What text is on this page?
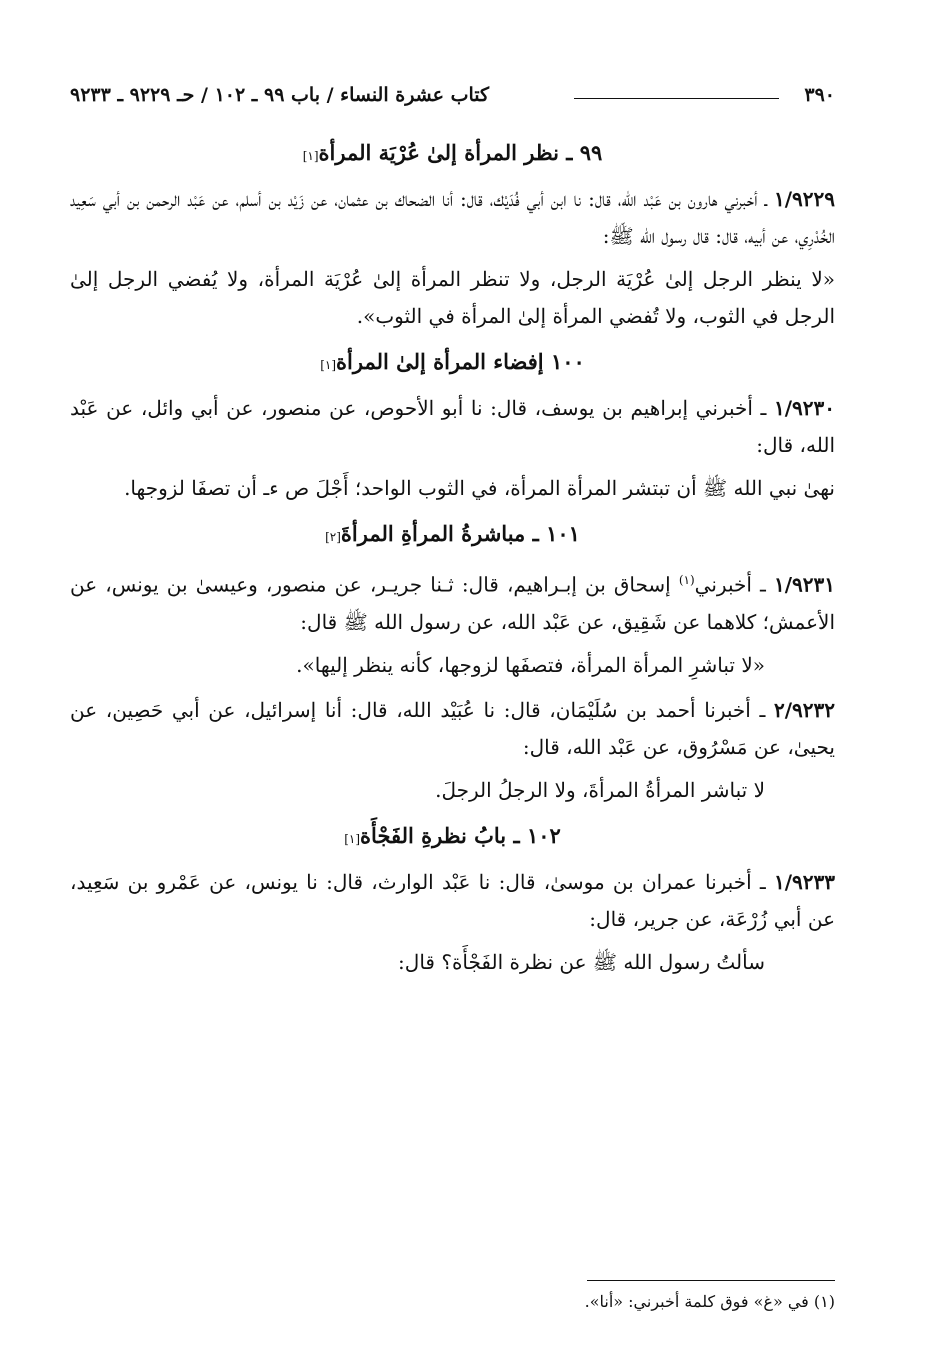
٣٩٠
كتاب عشرة النساء / باب ٩٩ ـ ١٠٢ / حـ ٩٢٢٩ ـ ٩٢٣٣
٩٩ ـ نظر المرأة إلىٰ عُرْيَة المرأة[١]

١/٩٢٢٩ ـ أخبرني هارون بن عَبْد الله، قال: نا ابن أبي فُدَيْك، قال: أنا الضحاك بن عثمان، عن زَيْد بن أسلم، عن عَبْد الرحمن بن أبي سَعِيد الخُدْرِي، عن أبيه، قال: قال رسول الله ﷺ:

«لا ينظر الرجل إلىٰ عُرْيَة الرجل، ولا تنظر المرأة إلىٰ عُرْيَة المرأة، ولا يُفضي الرجل إلىٰ الرجل في الثوب، ولا تُفضي المرأة إلىٰ المرأة في الثوب».

١٠٠ إفضاء المرأة إلىٰ المرأة[١]

١/٩٢٣٠ ـ أخبرني إبراهيم بن يوسف، قال: نا أبو الأحوص، عن منصور، عن أبي وائل، عن عَبْد الله، قال:

نهىٰ نبي الله ﷺ أن تبتشر المرأة المرأة، في الثوب الواحد؛ أَجْلَ ص ءـ أن تصفَا لزوجها.

١٠١ ـ مباشرةُ المرأةِ المرأةَ[٢]

١/٩٢٣١ ـ أخبرني$^{(١)}$ إسحاق بن إبـراهيم، قال: ثـنا جريـر، عن منصور، وعيسىٰ بن يونس، عن الأعمش؛ كلاهما عن شَقِيق، عن عَبْد الله، عن رسول الله ﷺ قال:

«لا تباشرِ المرأة المرأة، فتصفَها لزوجها، كأنه ينظر إليها».

٢/٩٢٣٢ ـ أخبرنا أحمد بن سُلَيْمَان، قال: نا عُبَيْد الله، قال: أنا إسرائيل، عن أبي حَصِين، عن يحيىٰ، عن مَسْرُوق، عن عَبْد الله، قال:

لا تباشر المرأةُ المرأةَ، ولا الرجلُ الرجلَ.

١٠٢ ـ بابُ نظرةِ الفَجْأَة[١]

١/٩٢٣٣ ـ أخبرنا عمران بن موسىٰ، قال: نا عَبْد الوارث، قال: نا يونس، عن عَمْرو بن سَعِيد، عن أبي زُرْعَة، عن جرير، قال:

سألتُ رسول الله ﷺ عن نظرة الفَجْأَة؟ قال:

(١) في «غ» فوق كلمة أخبرني: «أنا».
